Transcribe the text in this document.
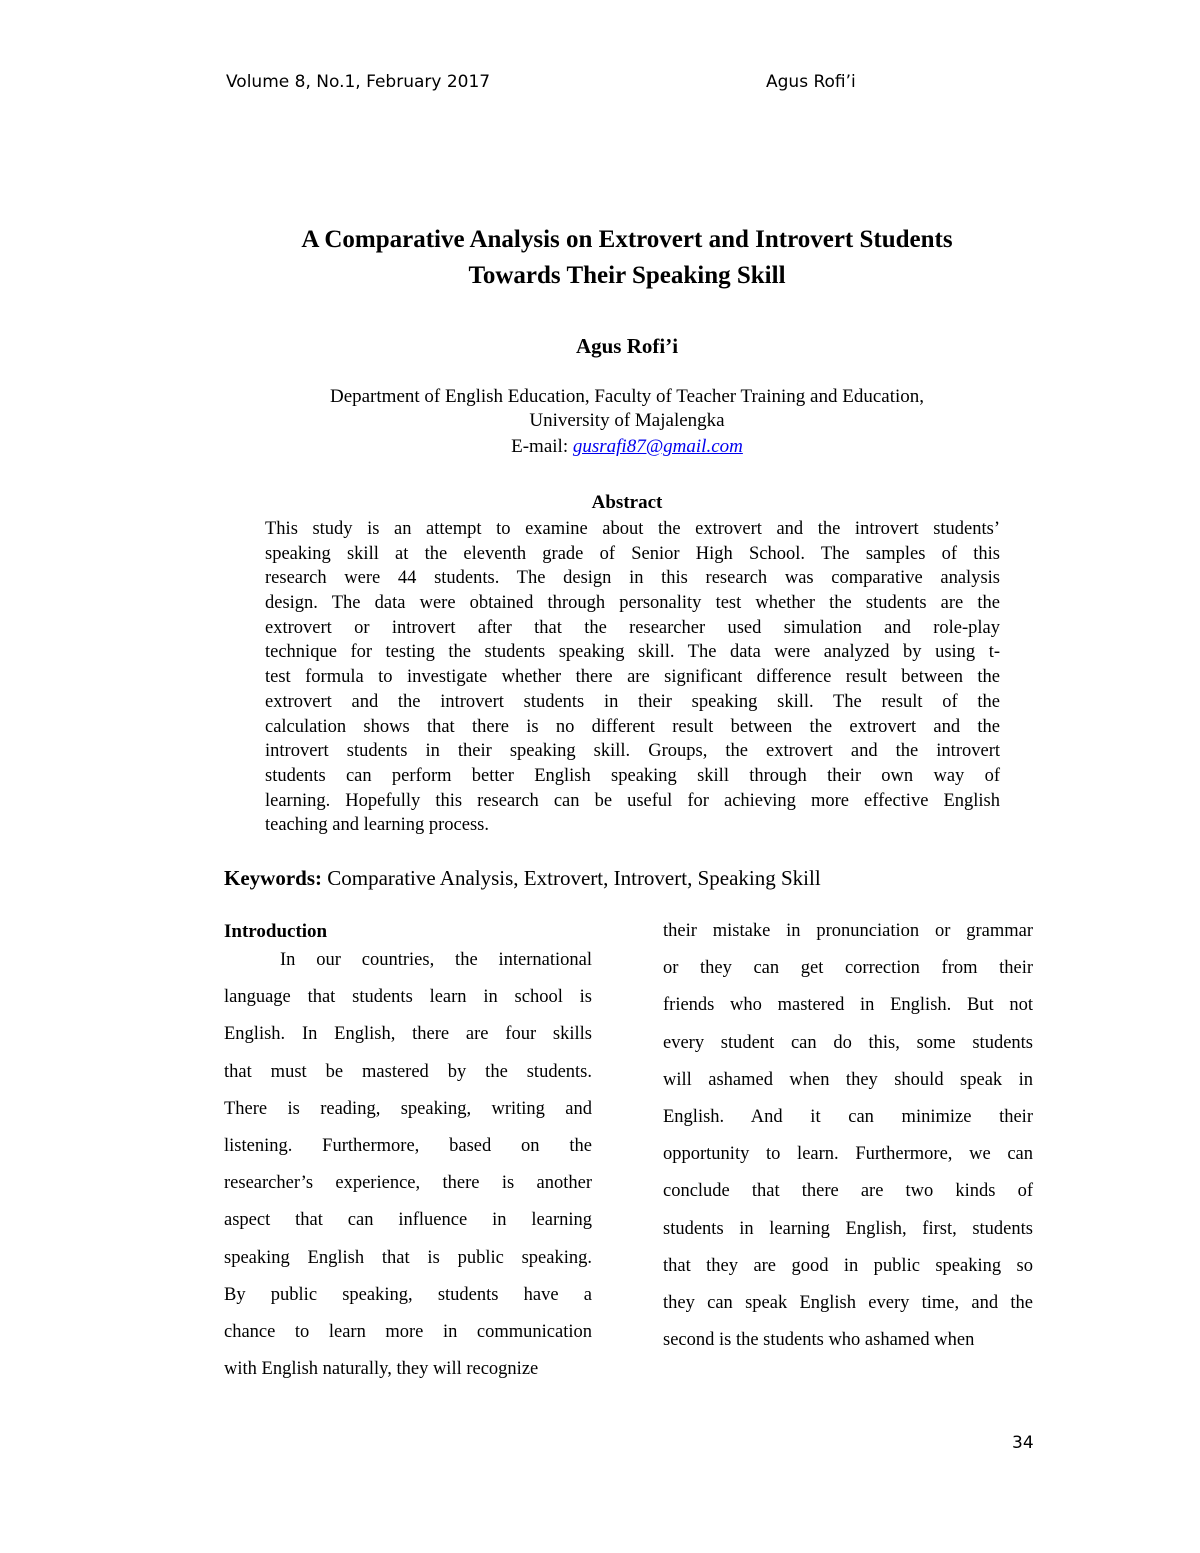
Volume 8, No.1, February 2017	Agus Rofi’i
A Comparative Analysis on Extrovert and Introvert Students
Towards Their Speaking Skill
Agus Rofi’i
Department of English Education, Faculty of Teacher Training and Education,
University of Majalengka
E-mail: gusrafi87@gmail.com
Abstract
This study is an attempt to examine about the extrovert and the introvert students’
speaking skill at the eleventh grade of Senior High School. The samples of this
research were 44 students. The design in this research was comparative analysis
design. The data were obtained through personality test whether the students are the
extrovert or introvert after that the researcher used simulation and role-play
technique for testing the students speaking skill. The data were analyzed by using t-
test formula to investigate whether there are significant difference result between the
extrovert and the introvert students in their speaking skill. The result of the
calculation shows that there is no different result between the extrovert and the
introvert students in their speaking skill. Groups, the extrovert and the introvert
students can perform better English speaking skill through their own way of
learning. Hopefully this research can be useful for achieving more effective English
teaching and learning process.
Keywords: Comparative Analysis, Extrovert, Introvert, Speaking Skill
Introduction
In our countries, the international
language that students learn in school is
English. In English, there are four skills
that must be mastered by the students.
There is reading, speaking, writing and
listening. Furthermore, based on the
researcher’s experience, there is another
aspect that can influence in learning
speaking English that is public speaking.
By public speaking, students have a
chance to learn more in communication
with English naturally, they will recognize
their mistake in pronunciation or grammar
or they can get correction from their
friends who mastered in English. But not
every student can do this, some students
will ashamed when they should speak in
English. And it can minimize their
opportunity to learn. Furthermore, we can
conclude that there are two kinds of
students in learning English, first, students
that they are good in public speaking so
they can speak English every time, and the
second is the students who ashamed when
34
